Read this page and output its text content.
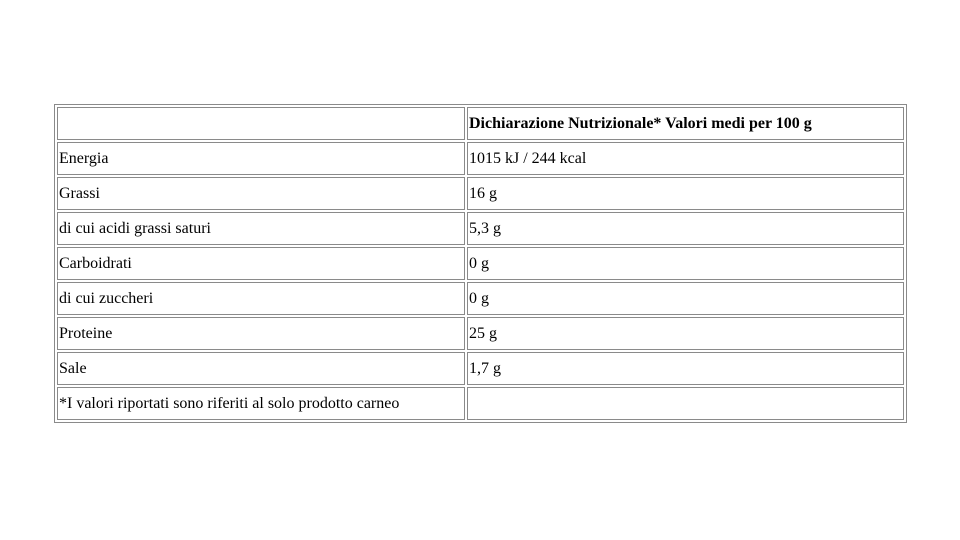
	Dichiarazione Nutrizionale* Valori medi per 100 g
Energia	1015 kJ / 244 kcal
Grassi	16 g
di cui acidi grassi saturi	5,3 g
Carboidrati	0 g
di cui zuccheri	0 g
Proteine	25 g
Sale	1,7 g
*I valori riportati sono riferiti al solo prodotto carneo	
